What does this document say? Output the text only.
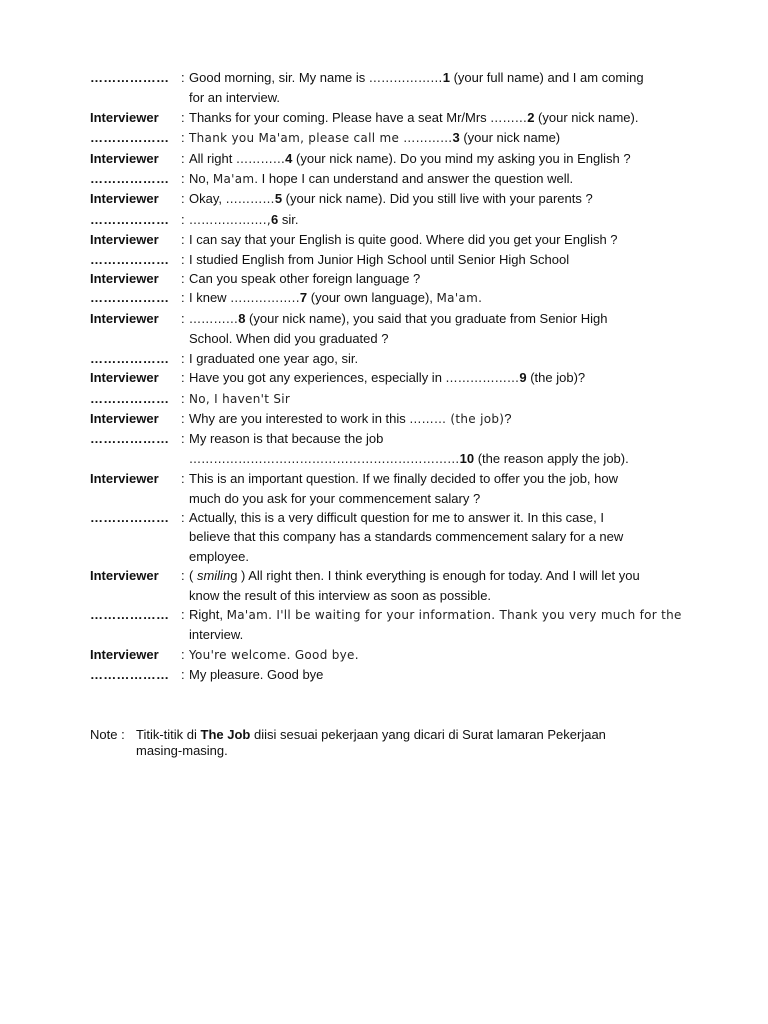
……………… : Good morning, sir. My name is ………………1 (your full name) and I am coming
for an interview.
Interviewer	: Thanks for your coming. Please have a seat Mr/Mrs ………2 (your nick name).
……………… : Thank you Ma'am, please call me …………3 (your nick name)
Interviewer	: All right …………4 (your nick name). Do you mind my asking you in English ?
……………… : No, Ma'am. I hope I can understand and answer the question well.
Interviewer	: Okay, …………5 (your nick name). Did you still live with your parents ?
……………… : ……………….,6 sir.
Interviewer	: I can say that your English is quite good. Where did you get your English ?
……………… : I studied English from Junior High School until Senior High School
Interviewer	: Can you speak other foreign language ?
……………… : I knew ……………..7 (your own language), Ma'am.
Interviewer	: …………8 (your nick name), you said that you graduate from Senior High
School. When did you graduated ?
……………… : I graduated one year ago, sir.
Interviewer	: Have you got any experiences, especially in ………………9 (the job)?
……………… : No, I haven't Sir
Interviewer	: Why are you interested to work in this ……… (the job)?
……………… : My reason is that because the job
…………………………………………………………10 (the reason apply the job).
Interviewer	: This is an important question. If we finally decided to offer you the job, how
much do you ask for your commencement salary ?
……………… : Actually, this is a very difficult question for me to answer it. In this case, I
believe that this company has a standards commencement salary for a new
employee.
Interviewer	: ( smiling ) All right then. I think everything is enough for today. And I will let you
know the result of this interview as soon as possible.
……………… : Right, Ma'am. I'll be waiting for your information. Thank you very much for the
interview.
Interviewer	: You're welcome. Good bye.
……………… : My pleasure. Good bye
Note : Titik-titik di The Job diisi sesuai pekerjaan yang dicari di Surat lamaran Pekerjaan
masing-masing.
